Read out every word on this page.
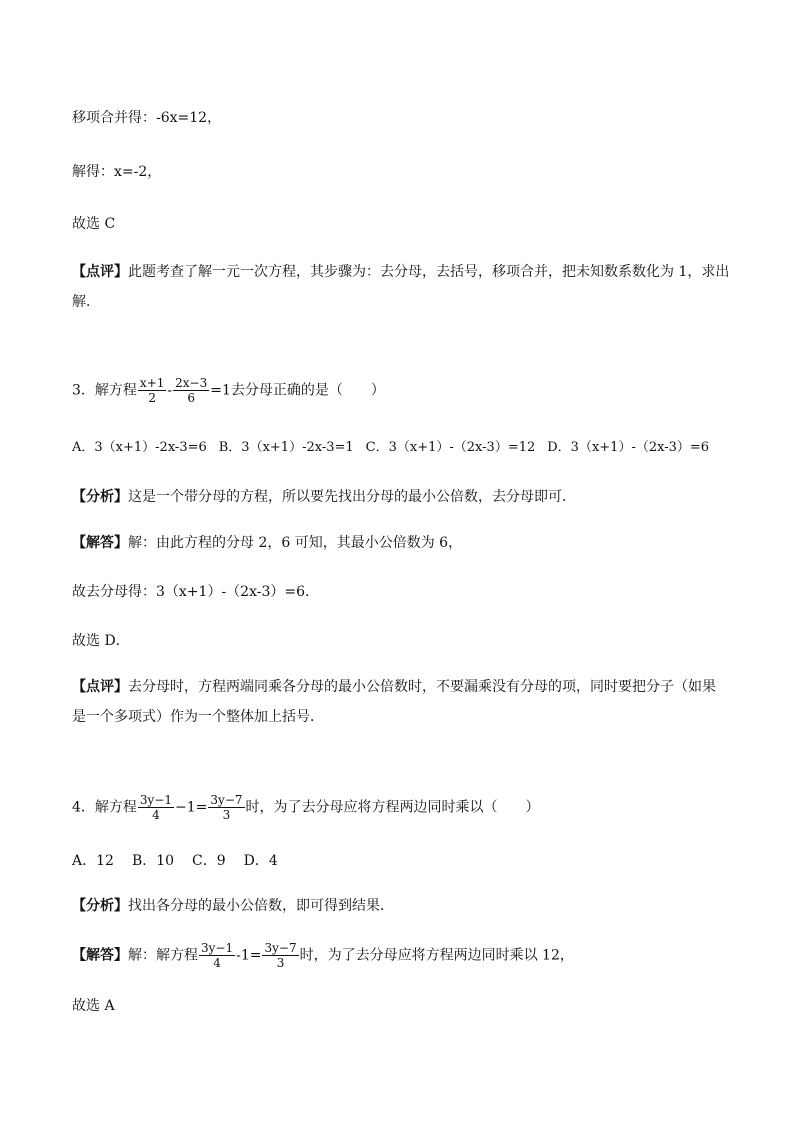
移项合并得：-6x=12，
解得：x=-2，
故选 C
【点评】此题考查了解一元一次方程，其步骤为：去分母，去括号，移项合并，把未知数系数化为 1，求出
解．
3．解方程 $\frac{x+1}{2} - \frac{2x-3}{6} =1$去分母正确的是（　　）
A．3（x+1）-2x-3=6 B．3（x+1）-2x-3=1 C．3（x+1）-（2x-3）=12 D．3（x+1）-（2x-3）=6
【分析】这是一个带分母的方程，所以要先找出分母的最小公倍数，去分母即可．
【解答】解：由此方程的分母 2，6 可知，其最小公倍数为 6，
故去分母得：3（x+1）-（2x-3）=6．
故选 D．
【点评】去分母时，方程两端同乘各分母的最小公倍数时，不要漏乘没有分母的项，同时要把分子（如果
是一个多项式）作为一个整体加上括号．
4．解方程 $\frac{3y-1}{4} -1= \frac{3y-7}{3}$ 时，为了去分母应将方程两边同时乘以（　　）
A．12 B．10 C．9 D．4
【分析】找出各分母的最小公倍数，即可得到结果．
【解答】解：解方程 $\frac{3y-1}{4} -1= \frac{3y-7}{3}$ 时，为了去分母应将方程两边同时乘以 12，
故选 A
